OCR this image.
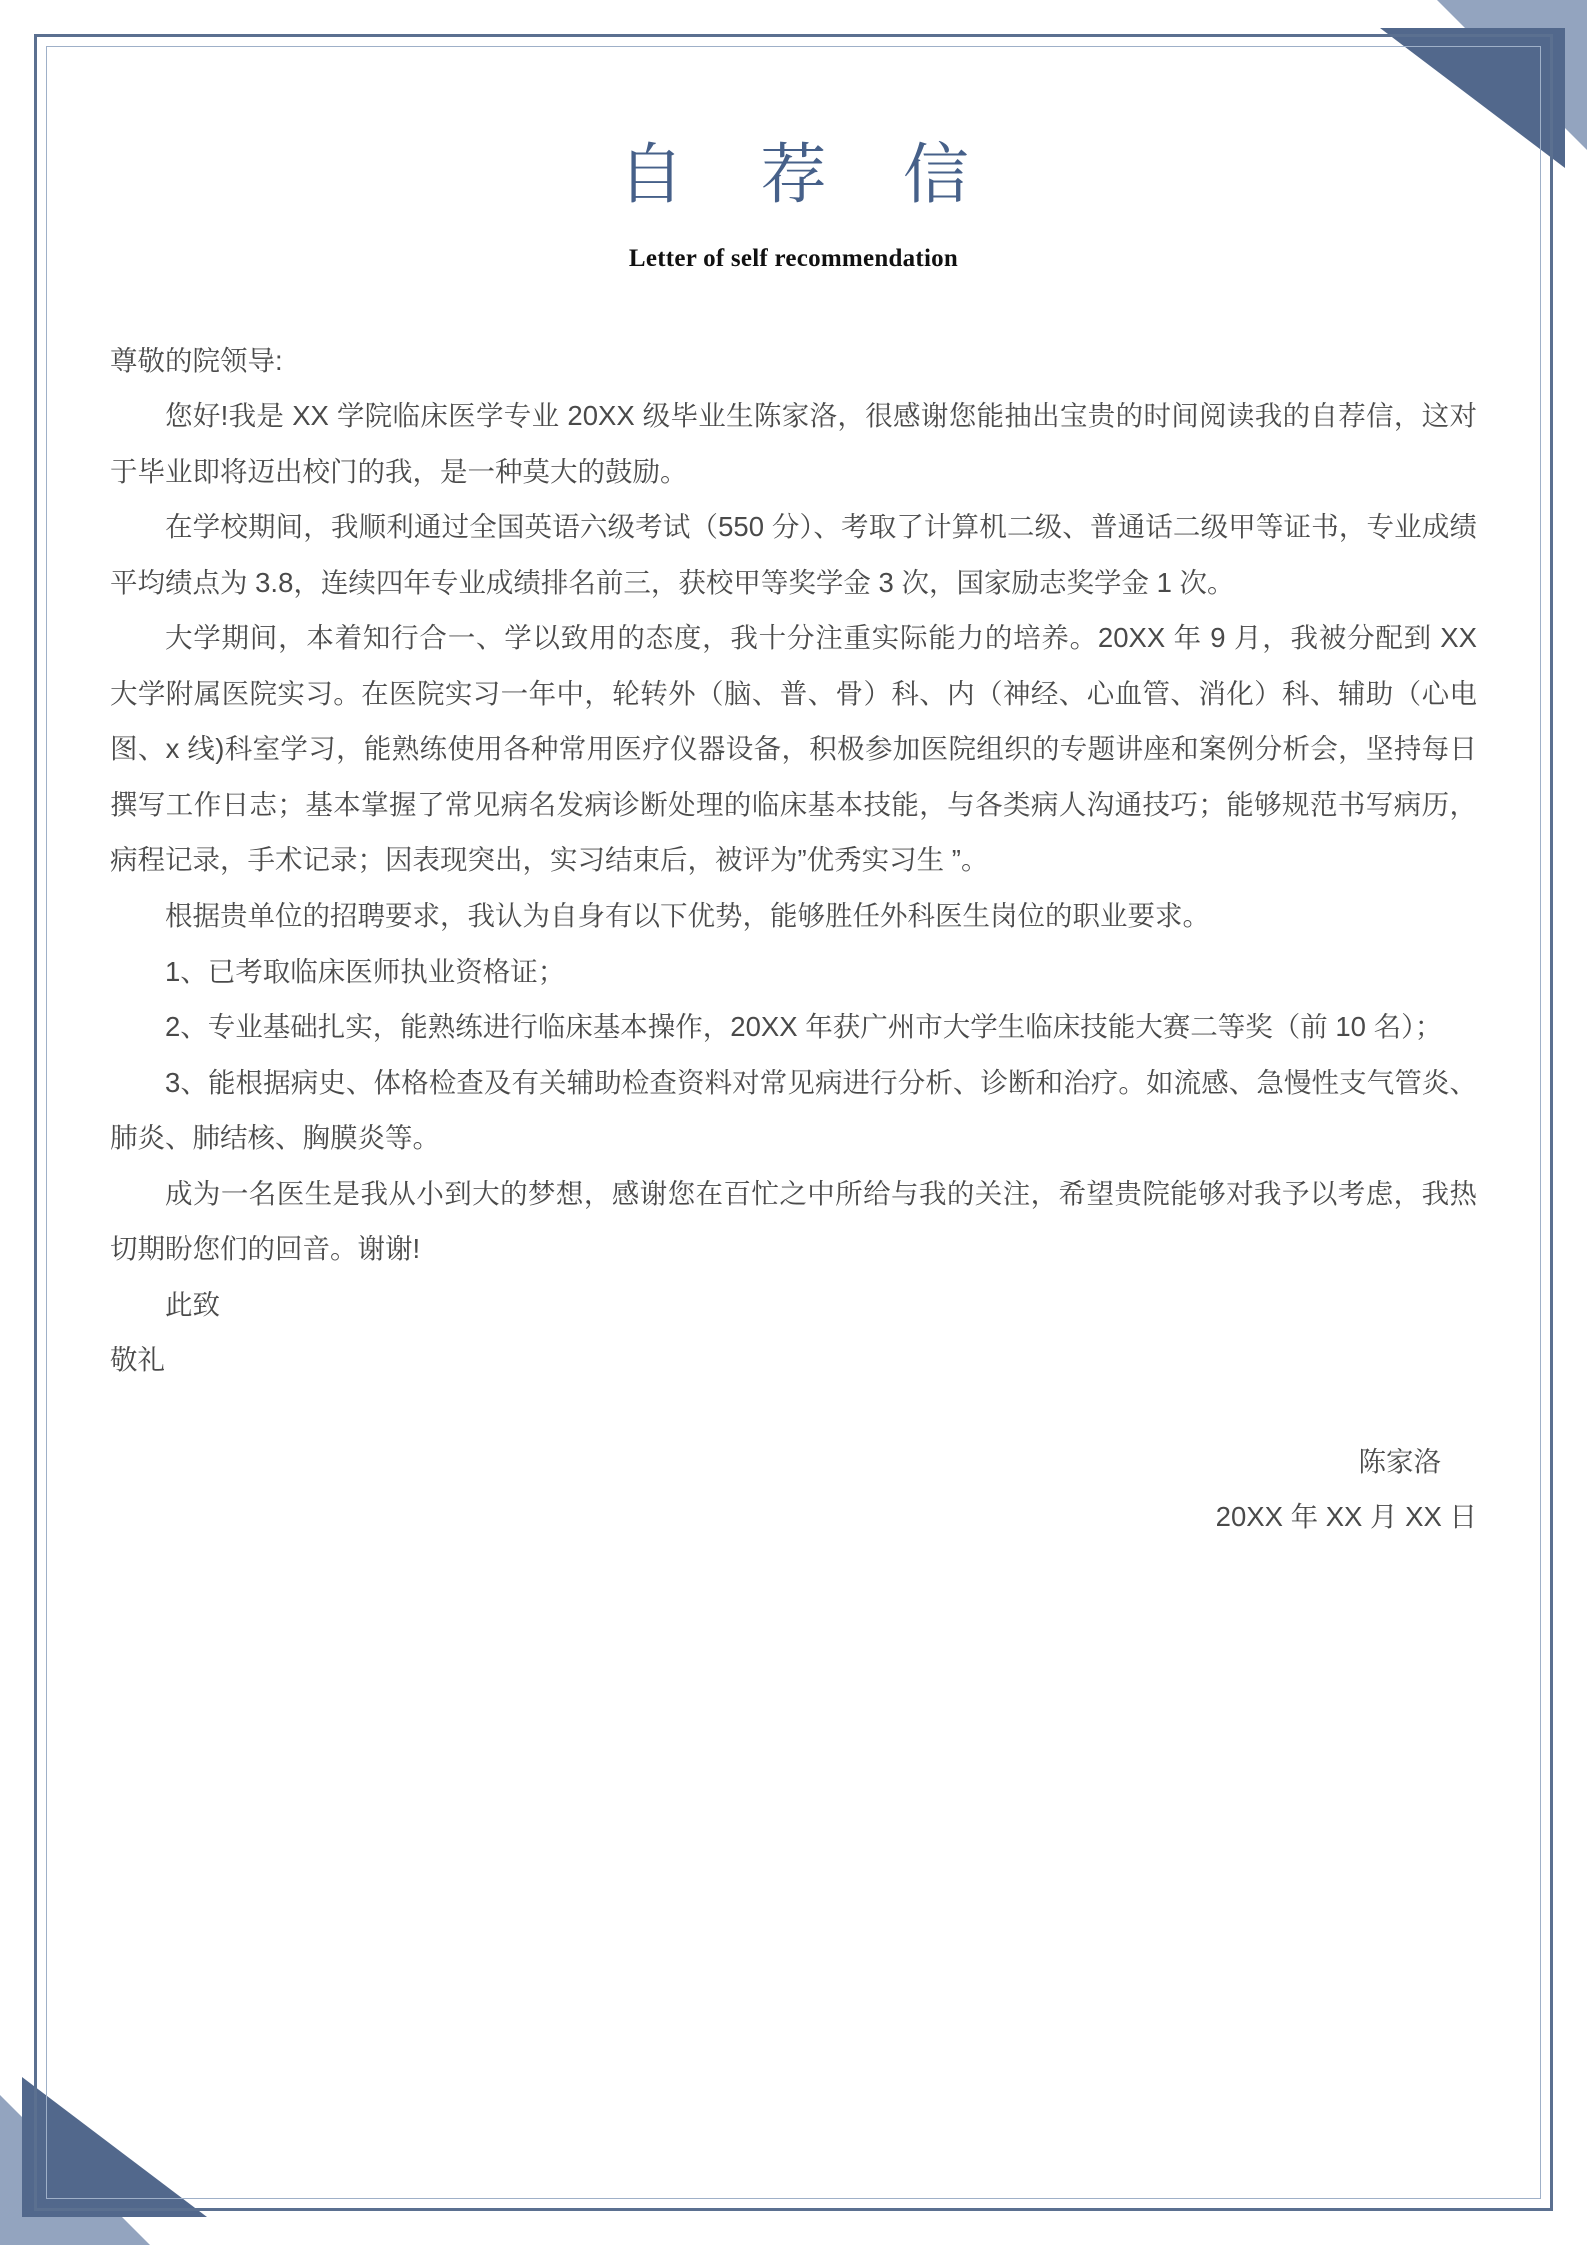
自 荐 信
Letter of self recommendation

尊敬的院领导:

您好!我是 XX 学院临床医学专业 20XX 级毕业生陈家洛，很感谢您能抽出宝贵的时间阅读我的自荐信，这对于毕业即将迈出校门的我，是一种莫大的鼓励。

在学校期间，我顺利通过全国英语六级考试（550 分）、考取了计算机二级、普通话二级甲等证书，专业成绩平均绩点为 3.8，连续四年专业成绩排名前三，获校甲等奖学金 3 次，国家励志奖学金 1 次。

大学期间，本着知行合一、学以致用的态度，我十分注重实际能力的培养。20XX 年 9 月，我被分配到 XX 大学附属医院实习。在医院实习一年中，轮转外（脑、普、骨）科、内（神经、心血管、消化）科、辅助（心电图、x 线)科室学习，能熟练使用各种常用医疗仪器设备，积极参加医院组织的专题讲座和案例分析会，坚持每日撰写工作日志；基本掌握了常见病名发病诊断处理的临床基本技能，与各类病人沟通技巧；能够规范书写病历，病程记录，手术记录；因表现突出，实习结束后，被评为”优秀实习生 ”。

根据贵单位的招聘要求，我认为自身有以下优势，能够胜任外科医生岗位的职业要求。

1、已考取临床医师执业资格证；

2、专业基础扎实，能熟练进行临床基本操作，20XX 年获广州市大学生临床技能大赛二等奖（前 10 名）；

3、能根据病史、体格检查及有关辅助检查资料对常见病进行分析、诊断和治疗。如流感、急慢性支气管炎、肺炎、肺结核、胸膜炎等。

成为一名医生是我从小到大的梦想，感谢您在百忙之中所给与我的关注，希望贵院能够对我予以考虑，我热切期盼您们的回音。谢谢!

此致

敬礼

陈家洛
20XX 年 XX 月 XX 日
